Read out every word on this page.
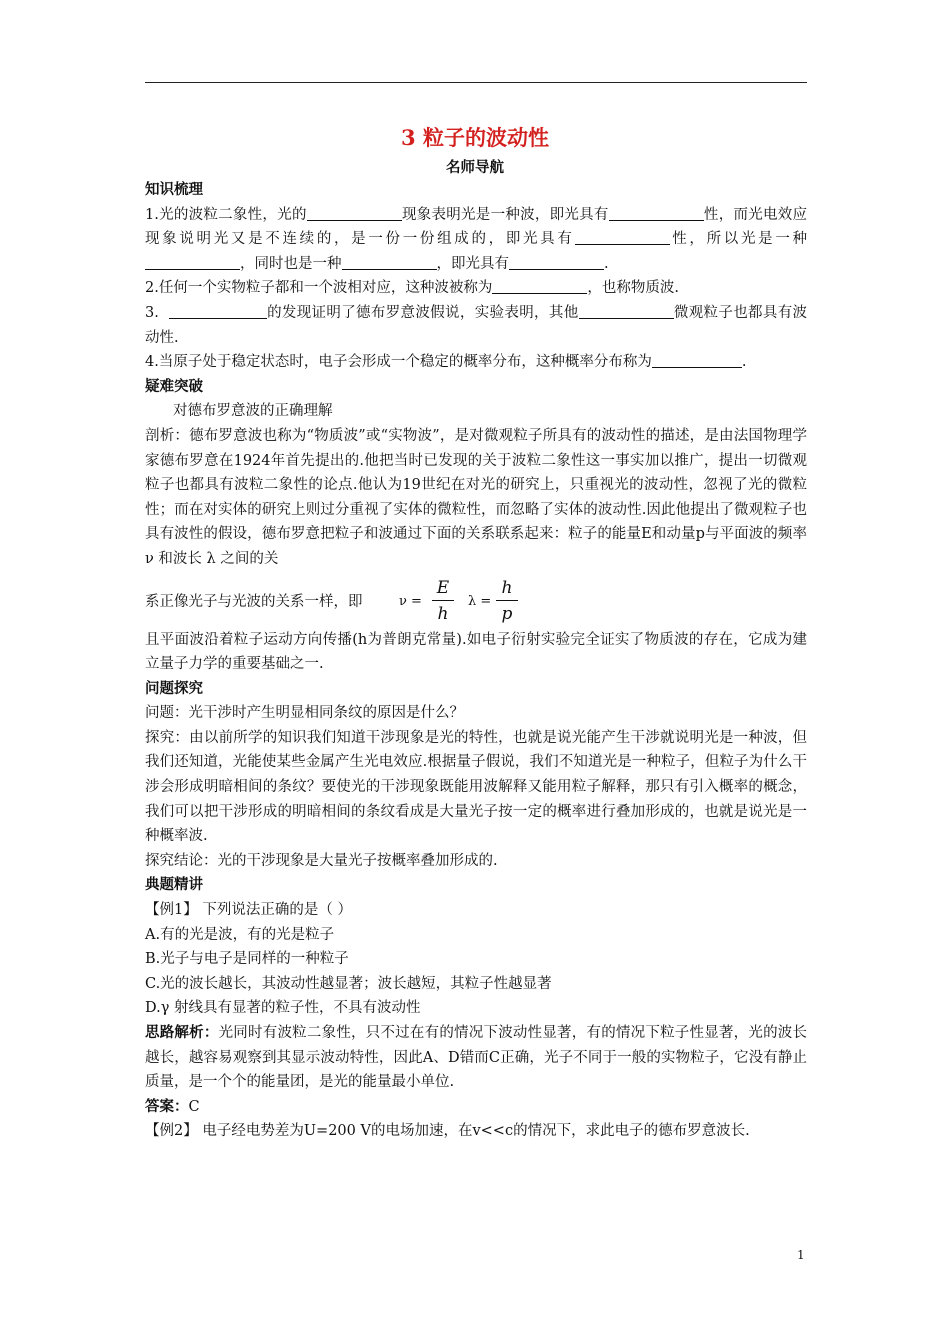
3 粒子的波动性
名师导航

知识梳理

1.光的波粒二象性，光的	现象表明光是一种波，即光具有	性，而光电效应现象说明光又是不连续的，是一份一份组成的，即光具有	性，所以光是一种，同时也是一种	，即光具有	.

2.任何一个实物粒子都和一个波相对应，这种波被称为	，也称物质波.

3.	的发现证明了德布罗意波假说，实验表明，其他	微观粒子也都具有波动性.

4.当原子处于稳定状态时，电子会形成一个稳定的概率分布，这种概率分布称为	.

疑难突破

对德布罗意波的正确理解

剖析：德布罗意波也称为“物质波”或“实物波”，是对微观粒子所具有的波动性的描述，是由法国物理学家德布罗意在1924年首先提出的.他把当时已发现的关于波粒二象性这一事实加以推广，提出一切微观粒子也都具有波粒二象性的论点.他认为19世纪在对光的研究上，只重视光的波动性，忽视了光的微粒性；而在对实体的研究上则过分重视了实体的微粒性，而忽略了实体的波动性.因此他提出了微观粒子也具有波性的假设，德布罗意把粒子和波通过下面的关系联系起来：粒子的能量E和动量p与平面波的频率 ν 和波长 λ 之间的关

系正像光子与光波的关系一样，即	ν =
E
h
λ =
h
p

且平面波沿着粒子运动方向传播(h为普朗克常量).如电子衍射实验完全证实了物质波的存在，它成为建立量子力学的重要基础之一.

问题探究

问题：光干涉时产生明显相同条纹的原因是什么？

探究：由以前所学的知识我们知道干涉现象是光的特性，也就是说光能产生干涉就说明光是一种波，但我们还知道，光能使某些金属产生光电效应.根据量子假说，我们不知道光是一种粒子，但粒子为什么干涉会形成明暗相间的条纹？要使光的干涉现象既能用波解释又能用粒子解释，那只有引入概率的概念，我们可以把干涉形成的明暗相间的条纹看成是大量光子按一定的概率进行叠加形成的，也就是说光是一种概率波.

探究结论：光的干涉现象是大量光子按概率叠加形成的.

典题精讲

【例1】 下列说法正确的是（ ）

A.有的光是波，有的光是粒子

B.光子与电子是同样的一种粒子

C.光的波长越长，其波动性越显著；波长越短，其粒子性越显著

D.γ 射线具有显著的粒子性，不具有波动性

思路解析：光同时有波粒二象性，只不过在有的情况下波动性显著，有的情况下粒子性显著，光的波长越长，越容易观察到其显示波动特性，因此A、D错而C正确，光子不同于一般的实物粒子，它没有静止质量，是一个个的能量团，是光的能量最小单位.

答案：C

【例2】 电子经电势差为U=200 V的电场加速，在v<<c的情况下，求此电子的德布罗意波长.

1
